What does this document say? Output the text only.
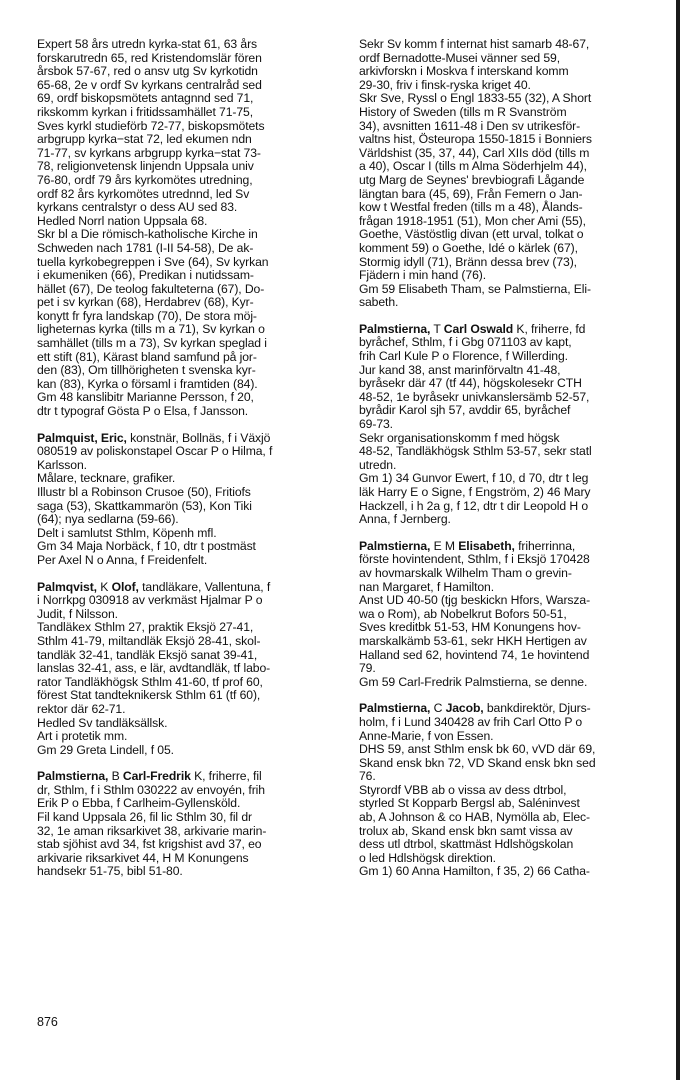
Expert 58 års utredn kyrka-stat 61, 63 års
forskarutredn 65, red Kristendomslär fören
årsbok 57-67, red o ansv utg Sv kyrkotidn
65-68, 2e v ordf Sv kyrkans centralråd sed
69, ordf biskopsmötets antagnnd sed 71,
rikskomm kyrkan i fritidssamhället 71-75,
Sves kyrkl studieförb 72-77, biskopsmötets
arbgrupp kyrka−stat 72, led ekumen ndn
71-77, sv kyrkans arbgrupp kyrka−stat 73-
78, religionvetensk linjendn Uppsala univ
76-80, ordf 79 års kyrkomötes utredning,
ordf 82 års kyrkomötes utrednnd, led Sv
kyrkans centralstyr o dess AU sed 83.
Hedled Norrl nation Uppsala 68.
Skr bl a Die römisch-katholische Kirche in
Schweden nach 1781 (I-II 54-58), De ak-
tuella kyrkobegreppen i Sve (64), Sv kyrkan
i ekumeniken (66), Predikan i nutidssam-
hället (67), De teolog fakulteterna (67), Do-
pet i sv kyrkan (68), Herdabrev (68), Kyr-
konytt fr fyra landskap (70), De stora möj-
ligheternas kyrka (tills m a 71), Sv kyrkan o
samhället (tills m a 73), Sv kyrkan speglad i
ett stift (81), Kärast bland samfund på jor-
den (83), Om tillhörigheten t svenska kyr-
kan (83), Kyrka o församl i framtiden (84).
Gm 48 kanslibitr Marianne Persson, f 20,
dtr t typograf Gösta P o Elsa, f Jansson.
Palmquist, Eric, konstnär, Bollnäs, f i Växjö
080519 av poliskonstapel Oscar P o Hilma, f
Karlsson.
Målare, tecknare, grafiker.
Illustr bl a Robinson Crusoe (50), Fritiofs
saga (53), Skattkammarön (53), Kon Tiki
(64); nya sedlarna (59-66).
Delt i samlutst Sthlm, Köpenh mfl.
Gm 34 Maja Norbäck, f 10, dtr t postmäst
Per Axel N o Anna, f Freidenfelt.
Palmqvist, K Olof, tandläkare, Vallentuna, f
i Norrkpg 030918 av verkmäst Hjalmar P o
Judit, f Nilsson.
Tandläkex Sthlm 27, praktik Eksjö 27-41,
Sthlm 41-79, miltandläk Eksjö 28-41, skol-
tandläk 32-41, tandläk Eksjö sanat 39-41,
lanslas 32-41, ass, e lär, avdtandläk, tf labo-
rator Tandläkhögsk Sthlm 41-60, tf prof 60,
förest Stat tandteknikersk Sthlm 61 (tf 60),
rektor där 62-71.
Hedled Sv tandläksällsk.
Art i protetik mm.
Gm 29 Greta Lindell, f 05.
Palmstierna, B Carl-Fredrik K, friherre, fil
dr, Sthlm, f i Sthlm 030222 av envoyén, frih
Erik P o Ebba, f Carlheim-Gyllensköld.
Fil kand Uppsala 26, fil lic Sthlm 30, fil dr
32, 1e aman riksarkivet 38, arkivarie marin-
stab sjöhist avd 34, fst krigshist avd 37, eo
arkivarie riksarkivet 44, H M Konungens
handsekr 51-75, bibl 51-80.
Sekr Sv komm f internat hist samarb 48-67,
ordf Bernadotte-Musei vänner sed 59,
arkivforskn i Moskva f interskand komm
29-30, friv i finsk-ryska kriget 40.
Skr Sve, Ryssl o Engl 1833-55 (32), A Short
History of Sweden (tills m R Svanström
34), avsnitten 1611-48 i Den sv utrikesför-
valtns hist, Östeuropa 1550-1815 i Bonniers
Världshist (35, 37, 44), Carl XIIs död (tills m
a 40), Oscar I (tills m Alma Söderhjelm 44),
utg Marg de Seynes' brevbiografi Lågande
längtan bara (45, 69), Från Femern o Jan-
kow t Westfal freden (tills m a 48), Ålands-
frågan 1918-1951 (51), Mon cher Ami (55),
Goethe, Västöstlig divan (ett urval, tolkat o
komment 59) o Goethe, Idé o kärlek (67),
Stormig idyll (71), Bränn dessa brev (73),
Fjädern i min hand (76).
Gm 59 Elisabeth Tham, se Palmstierna, Eli-
sabeth.
Palmstierna, T Carl Oswald K, friherre, fd
byråchef, Sthlm, f i Gbg 071103 av kapt,
frih Carl Kule P o Florence, f Willerding.
Jur kand 38, anst marinförvaltn 41-48,
byråsekr där 47 (tf 44), högskolesekr CTH
48-52, 1e byråsekr univkanslersämb 52-57,
byrådir Karol sjh 57, avddir 65, byråchef
69-73.
Sekr organisationskomm f med högsk
48-52, Tandläkhögsk Sthlm 53-57, sekr statl
utredn.
Gm 1) 34 Gunvor Ewert, f 10, d 70, dtr t leg
läk Harry E o Signe, f Engström, 2) 46 Mary
Hackzell, i h 2a g, f 12, dtr t dir Leopold H o
Anna, f Jernberg.
Palmstierna, E M Elisabeth, friherrinna,
förste hovintendent, Sthlm, f i Eksjö 170428
av hovmarskalk Wilhelm Tham o grevin-
nan Margaret, f Hamilton.
Anst UD 40-50 (tjg beskickn Hfors, Warsza-
wa o Rom), ab Nobelkrut Bofors 50-51,
Sves kreditbk 51-53, HM Konungens hov-
marskalkämb 53-61, sekr HKH Hertigen av
Halland sed 62, hovintend 74, 1e hovintend
79.
Gm 59 Carl-Fredrik Palmstierna, se denne.
Palmstierna, C Jacob, bankdirektör, Djurs-
holm, f i Lund 340428 av frih Carl Otto P o
Anne-Marie, f von Essen.
DHS 59, anst Sthlm ensk bk 60, vVD där 69,
Skand ensk bkn 72, VD Skand ensk bkn sed
76.
Styrordf VBB ab o vissa av dess dtrbol,
styrled St Kopparb Bergsl ab, Saléninvest
ab, A Johnson & co HAB, Nymölla ab, Elec-
trolux ab, Skand ensk bkn samt vissa av
dess utl dtrbol, skattmäst Hdlshögskolan
o led Hdlshögsk direktion.
Gm 1) 60 Anna Hamilton, f 35, 2) 66 Catha-
876
